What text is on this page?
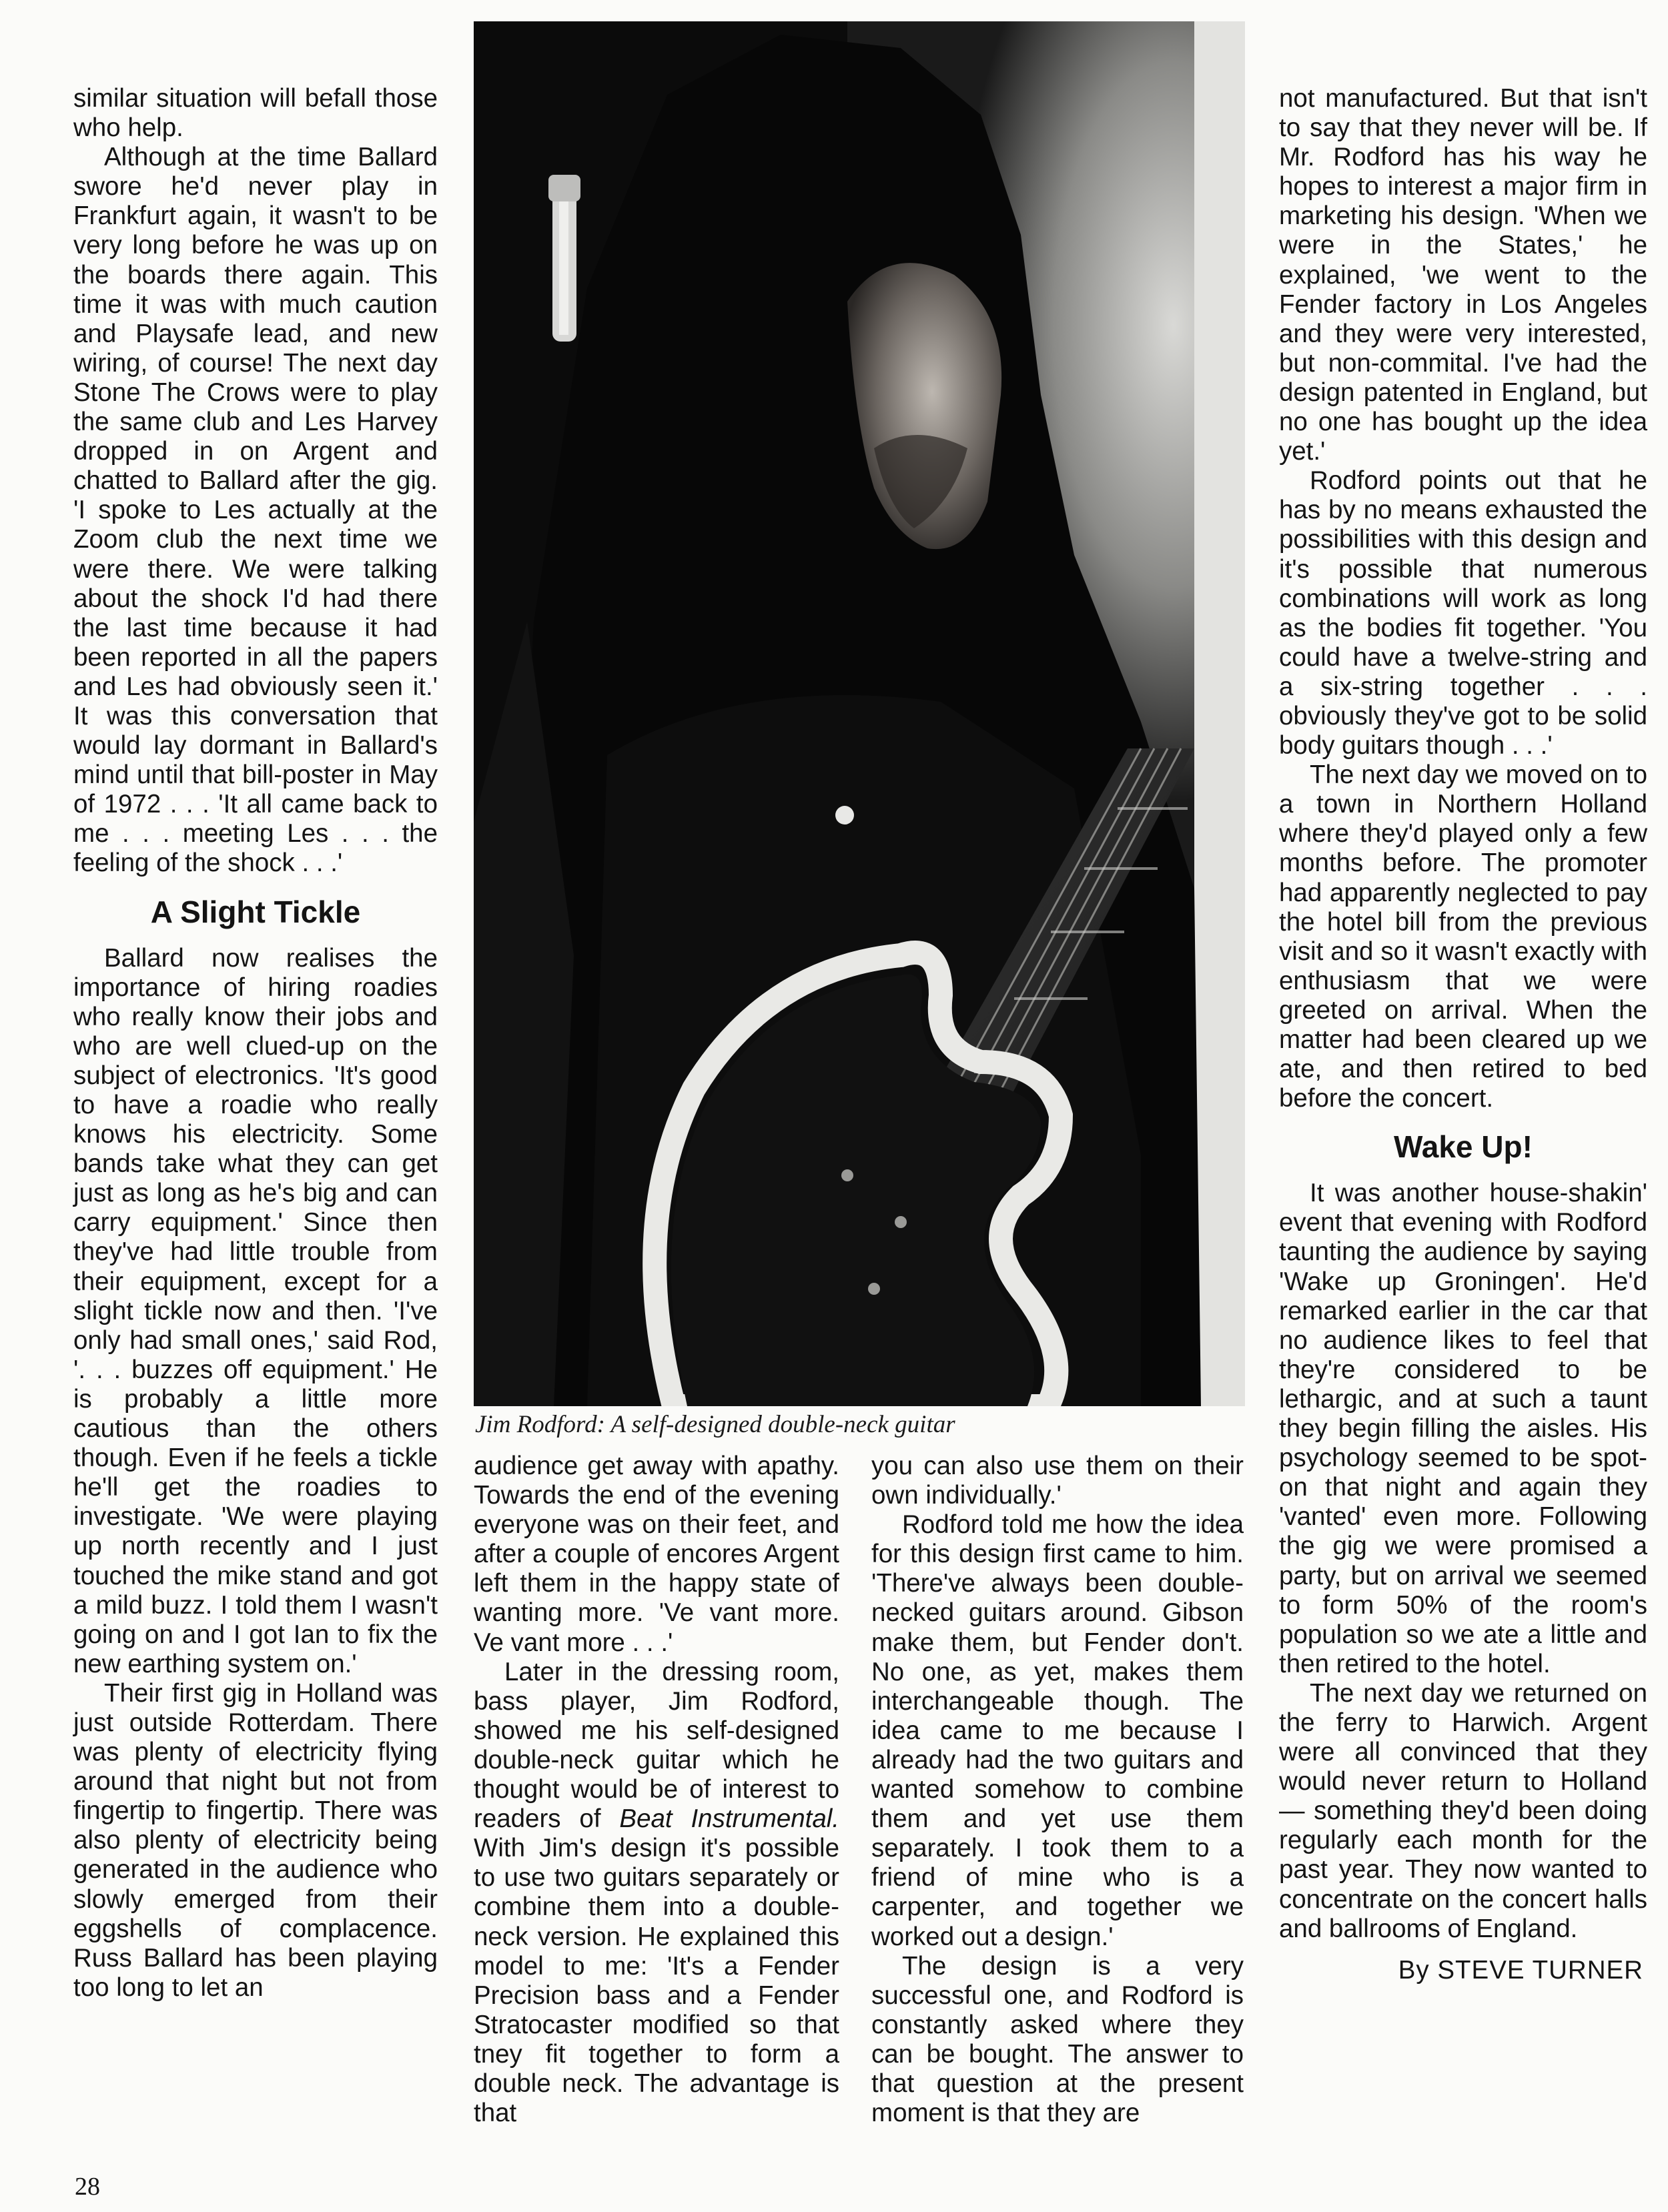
similar situation will befall those who help.

Although at the time Ballard swore he'd never play in Frankfurt again, it wasn't to be very long before he was up on the boards there again. This time it was with much caution and Playsafe lead, and new wiring, of course! The next day Stone The Crows were to play the same club and Les Harvey dropped in on Argent and chatted to Ballard after the gig. 'I spoke to Les actually at the Zoom club the next time we were there. We were talking about the shock I'd had there the last time because it had been reported in all the papers and Les had obviously seen it.' It was this conversation that would lay dormant in Ballard's mind until that bill-poster in May of 1972 . . . 'It all came back to me . . . meeting Les . . . the feeling of the shock . . .'

A Slight Tickle

Ballard now realises the importance of hiring roadies who really know their jobs and who are well clued-up on the subject of electronics. 'It's good to have a roadie who really knows his electricity. Some bands take what they can get just as long as he's big and can carry equipment.' Since then they've had little trouble from their equipment, except for a slight tickle now and then. 'I've only had small ones,' said Rod, '. . . buzzes off equipment.' He is probably a little more cautious than the others though. Even if he feels a tickle he'll get the roadies to investigate. 'We were playing up north recently and I just touched the mike stand and got a mild buzz. I told them I wasn't going on and I got Ian to fix the new earthing system on.'

Their first gig in Holland was just outside Rotterdam. There was plenty of electricity flying around that night but not from fingertip to fingertip. There was also plenty of electricity being generated in the audience who slowly emerged from their eggshells of complacence. Russ Ballard has been playing too long to let an

Jim Rodford: A self-designed double-neck guitar

audience get away with apathy. Towards the end of the evening everyone was on their feet, and after a couple of encores Argent left them in the happy state of wanting more. 'Ve vant more. Ve vant more . . .'

Later in the dressing room, bass player, Jim Rodford, showed me his self-designed double-neck guitar which he thought would be of interest to readers of Beat Instrumental. With Jim's design it's possible to use two guitars separately or combine them into a double-neck version. He explained this model to me: 'It's a Fender Precision bass and a Fender Stratocaster modified so that tney fit together to form a double neck. The advantage is that

you can also use them on their own individually.'

Rodford told me how the idea for this design first came to him. 'There've always been double-necked guitars around. Gibson make them, but Fender don't. No one, as yet, makes them interchangeable though. The idea came to me because I already had the two guitars and wanted somehow to combine them and yet use them separately. I took them to a friend of mine who is a carpenter, and together we worked out a design.'

The design is a very successful one, and Rodford is constantly asked where they can be bought. The answer to that question at the present moment is that they are

not manufactured. But that isn't to say that they never will be. If Mr. Rodford has his way he hopes to interest a major firm in marketing his design. 'When we were in the States,' he explained, 'we went to the Fender factory in Los Angeles and they were very interested, but non-commital. I've had the design patented in England, but no one has bought up the idea yet.'

Rodford points out that he has by no means exhausted the possibilities with this design and it's possible that numerous combinations will work as long as the bodies fit together. 'You could have a twelve-string and a six-string together . . . obviously they've got to be solid body guitars though . . .'

The next day we moved on to a town in Northern Holland where they'd played only a few months before. The promoter had apparently neglected to pay the hotel bill from the previous visit and so it wasn't exactly with enthusiasm that we were greeted on arrival. When the matter had been cleared up we ate, and then retired to bed before the concert.

Wake Up!

It was another house-shakin' event that evening with Rodford taunting the audience by saying 'Wake up Groningen'. He'd remarked earlier in the car that no audience likes to feel that they're considered to be lethargic, and at such a taunt they begin filling the aisles. His psychology seemed to be spot-on that night and again they 'vanted' even more. Following the gig we were promised a party, but on arrival we seemed to form 50% of the room's population so we ate a little and then retired to the hotel.

The next day we returned on the ferry to Harwich. Argent were all convinced that they would never return to Holland — something they'd been doing regularly each month for the past year. They now wanted to concentrate on the concert halls and ballrooms of England.

By STEVE TURNER
28
